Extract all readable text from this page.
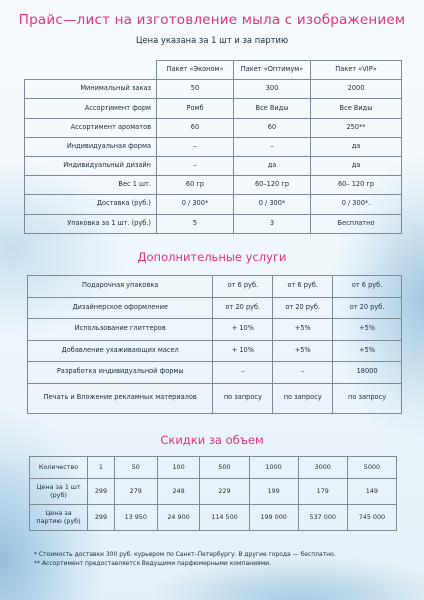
Прайс—лист на изготовление мыла с изображением
Цена указана за 1 шт и за партию
	Пакет «Эконом»	Пакет «Оптимум»	Пакет «VIP»
Минимальный заказ	50	300	2000
Ассортимент форм	Ромб	Все Виды	Все Виды
Ассортимент ароматов	60	60	250**
Индивидуальная форма	–	–	да
Индивидуальный дизайн	–	да	да
Вес 1 шт.	60 гр	60–120 гр	60– 120 гр
Доставка (руб.)	0 / 300*	0 / 300*	0 / 300*.
Упаковка за 1 шт. (руб.)	5	3	Бесплатно
Дополнительные услуги
Подарочная упаковка	от 6 руб.	от 6 руб.	от 6 руб.
Дизайнерское оформление	от 20 руб.	от 20 руб.	от 20 руб.
Использование глиттеров	+ 10%	+5%	+5%
Добавление ухаживающих масел	+ 10%	+5%	+5%
Разработка индивидуальной формы	–	–	18000
Печать и Вложение рекламных материалов	по запросу	по запросу	по запросу
Скидки за объем
Количество	1	50	100	500	1000	3000	5000
Цена за 1 шт (руб)	299	279	249	229	199	179	149
Цена за партию (руб)	299	13 950	24 900	114 500	199 000	537 000	745 000
* Стоимость доставки 300 руб. курьером по Санкт–Петербургу. В другие города — бесплатно.
** Ассортимент предоставляется Ведущими парфюмерными компаниями.
